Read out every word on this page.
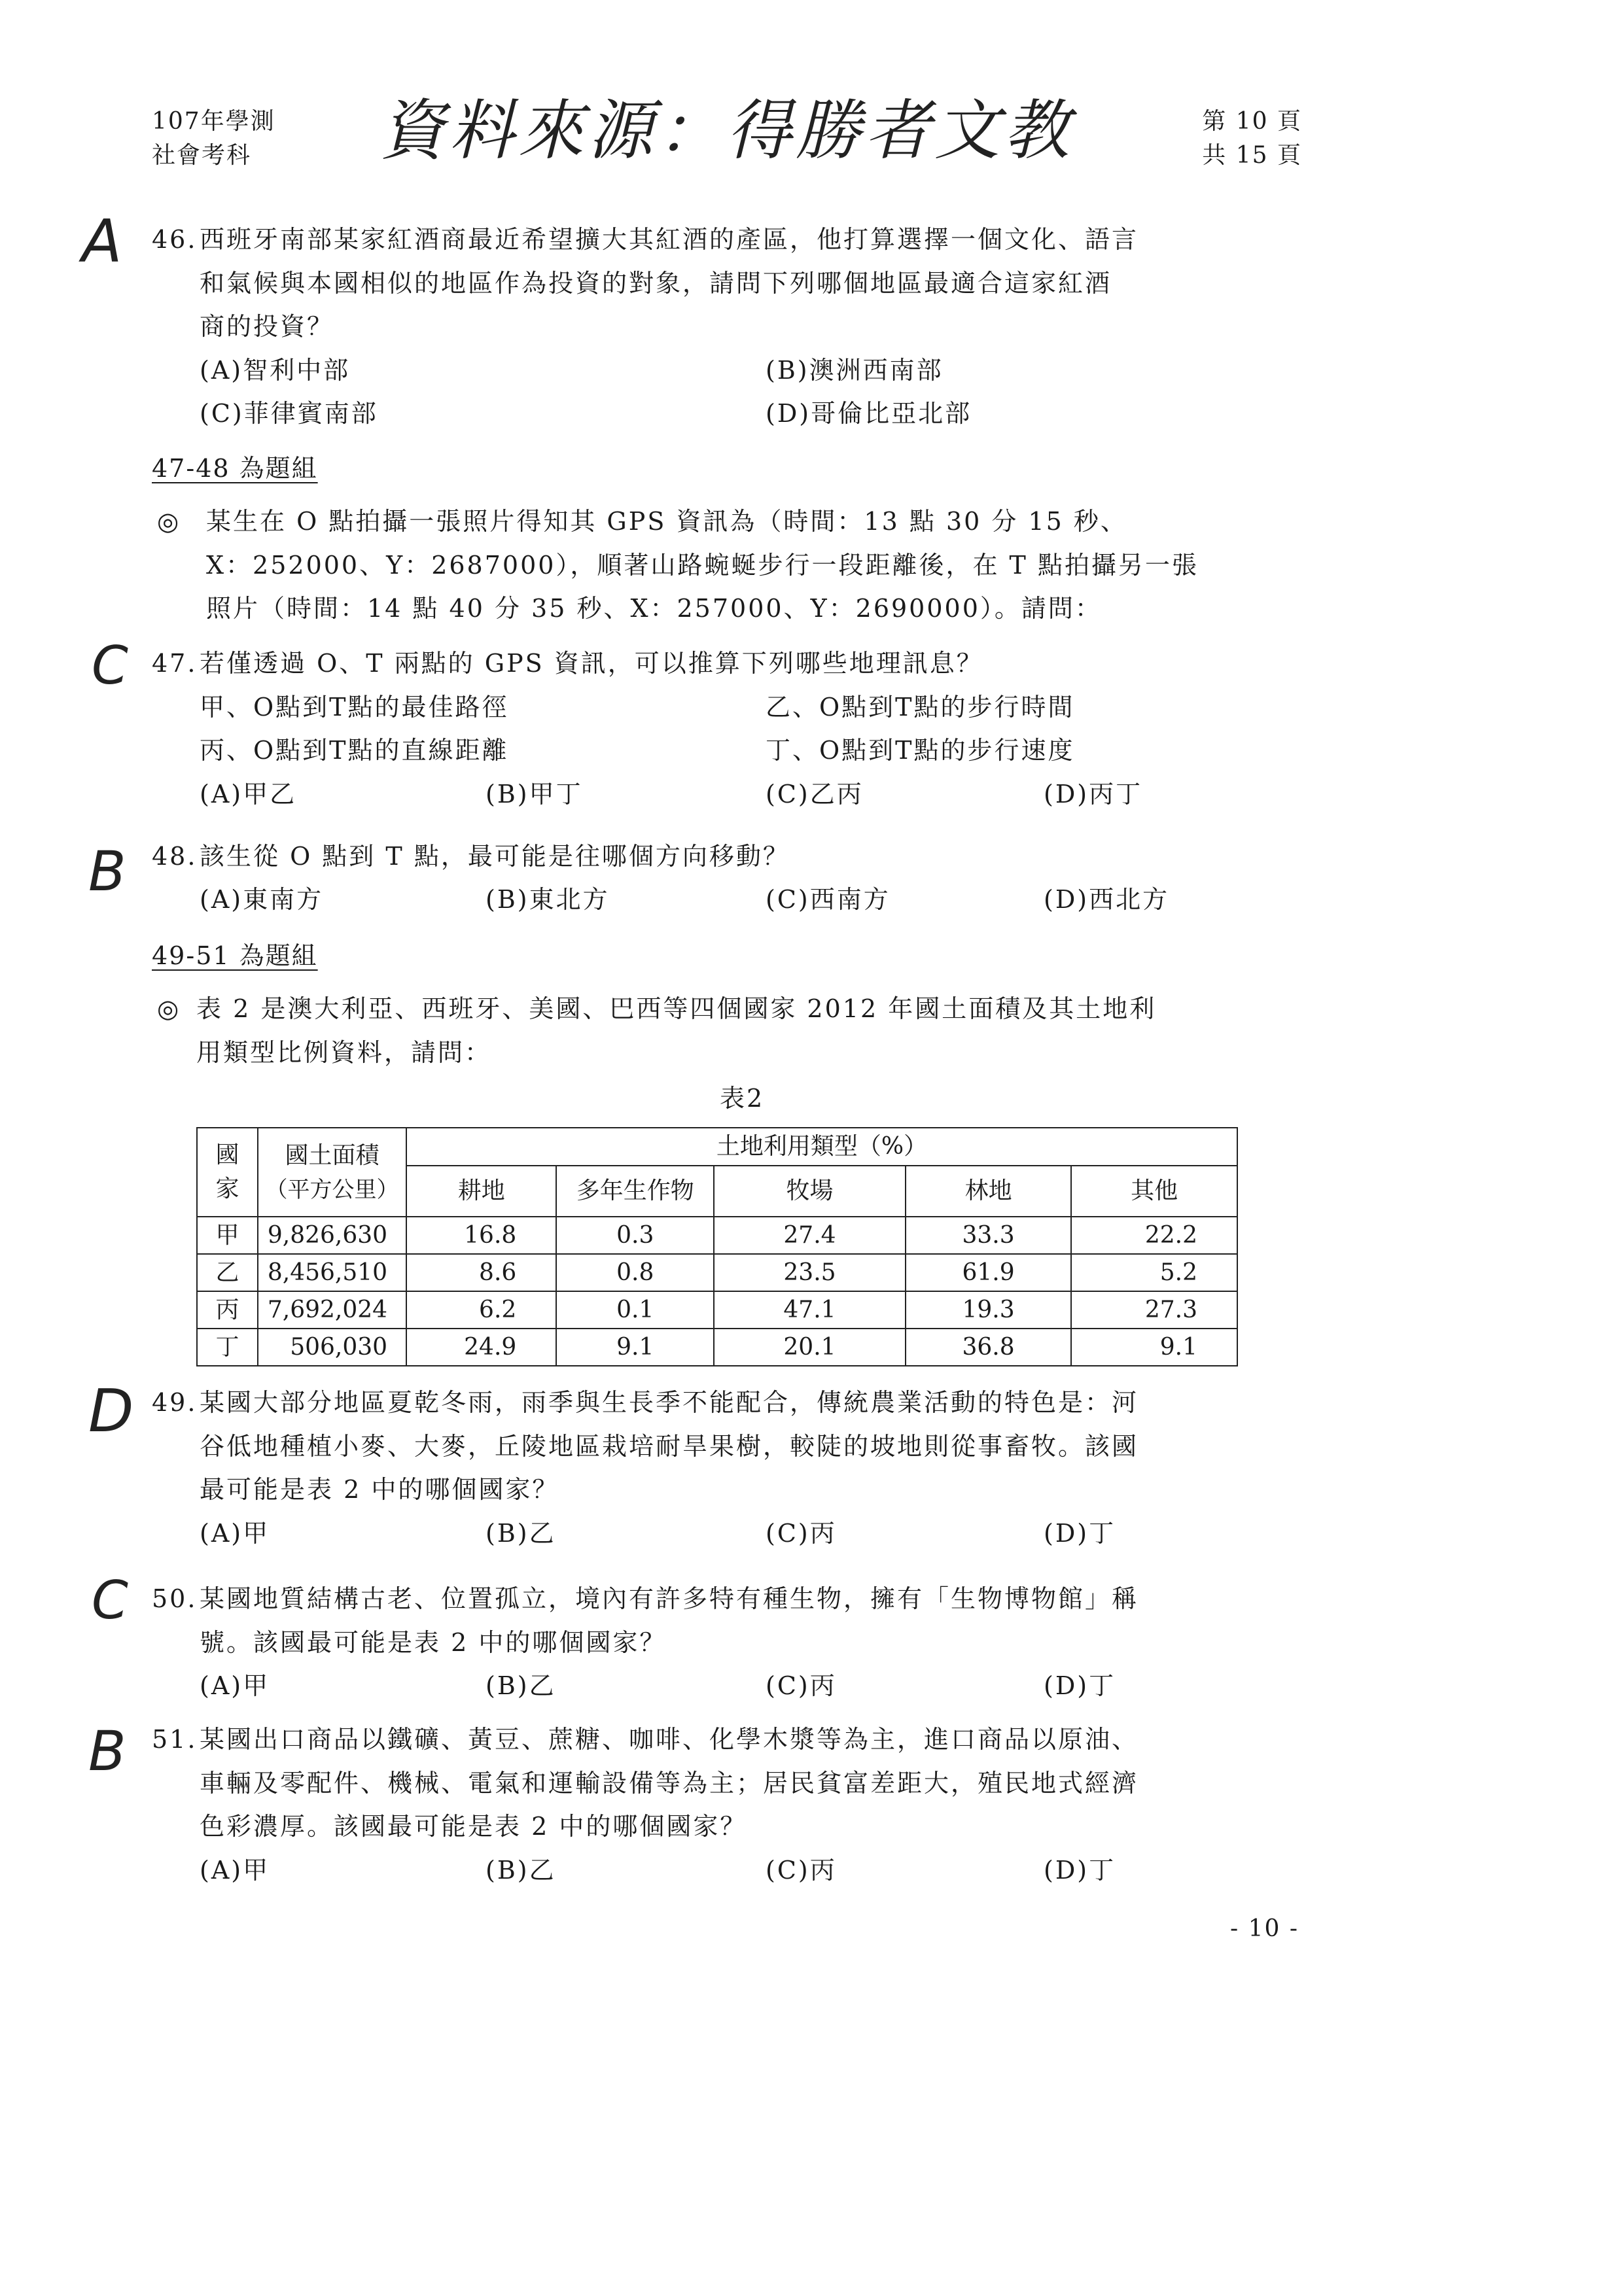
107年學測
社會考科	資料來源：得勝者文教	第 10 頁
共 15 頁
A 46. 西班牙南部某家紅酒商最近希望擴大其紅酒的產區，他打算選擇一個文化、語言
和氣候與本國相似的地區作為投資的對象，請問下列哪個地區最適合這家紅酒
商的投資？
(A)智利中部	(B)澳洲西南部
(C)菲律賓南部	(D)哥倫比亞北部
47-48 為題組
◎ 某生在 O 點拍攝一張照片得知其 GPS 資訊為（時間：13 點 30 分 15 秒、
X：252000、Y：2687000），順著山路蜿蜒步行一段距離後，在 T 點拍攝另一張
照片（時間：14 點 40 分 35 秒、X：257000、Y：2690000）。請問：
C 47. 若僅透過 O、T 兩點的 GPS 資訊，可以推算下列哪些地理訊息？
甲、O點到T點的最佳路徑	乙、O點到T點的步行時間
丙、O點到T點的直線距離	丁、O點到T點的步行速度
(A)甲乙	(B)甲丁	(C)乙丙	(D)丙丁
B 48. 該生從 O 點到 T 點，最可能是往哪個方向移動？
(A)東南方	(B)東北方	(C)西南方	(D)西北方
49-51 為題組
◎ 表 2 是澳大利亞、西班牙、美國、巴西等四個國家 2012 年國土面積及其土地利
用類型比例資料，請問：
表2
國家	國土面積
（平方公里）	土地利用類型（%）				
		耕地	多年生作物	牧場	林地	其他
甲	9,826,630	16.8	0.3	27.4	33.3	22.2
乙	8,456,510	8.6	0.8	23.5	61.9	5.2
丙	7,692,024	6.2	0.1	47.1	19.3	27.3
丁	506,030	24.9	9.1	20.1	36.8	9.1
D 49. 某國大部分地區夏乾冬雨，雨季與生長季不能配合，傳統農業活動的特色是：河
谷低地種植小麥、大麥，丘陵地區栽培耐旱果樹，較陡的坡地則從事畜牧。該國
最可能是表 2 中的哪個國家？
(A)甲	(B)乙	(C)丙	(D)丁
C 50. 某國地質結構古老、位置孤立，境內有許多特有種生物，擁有「生物博物館」稱
號。該國最可能是表 2 中的哪個國家？
(A)甲	(B)乙	(C)丙	(D)丁
B 51. 某國出口商品以鐵礦、黃豆、蔗糖、咖啡、化學木漿等為主，進口商品以原油、
車輛及零配件、機械、電氣和運輸設備等為主；居民貧富差距大，殖民地式經濟
色彩濃厚。該國最可能是表 2 中的哪個國家？
(A)甲	(B)乙	(C)丙	(D)丁
- 10 -
